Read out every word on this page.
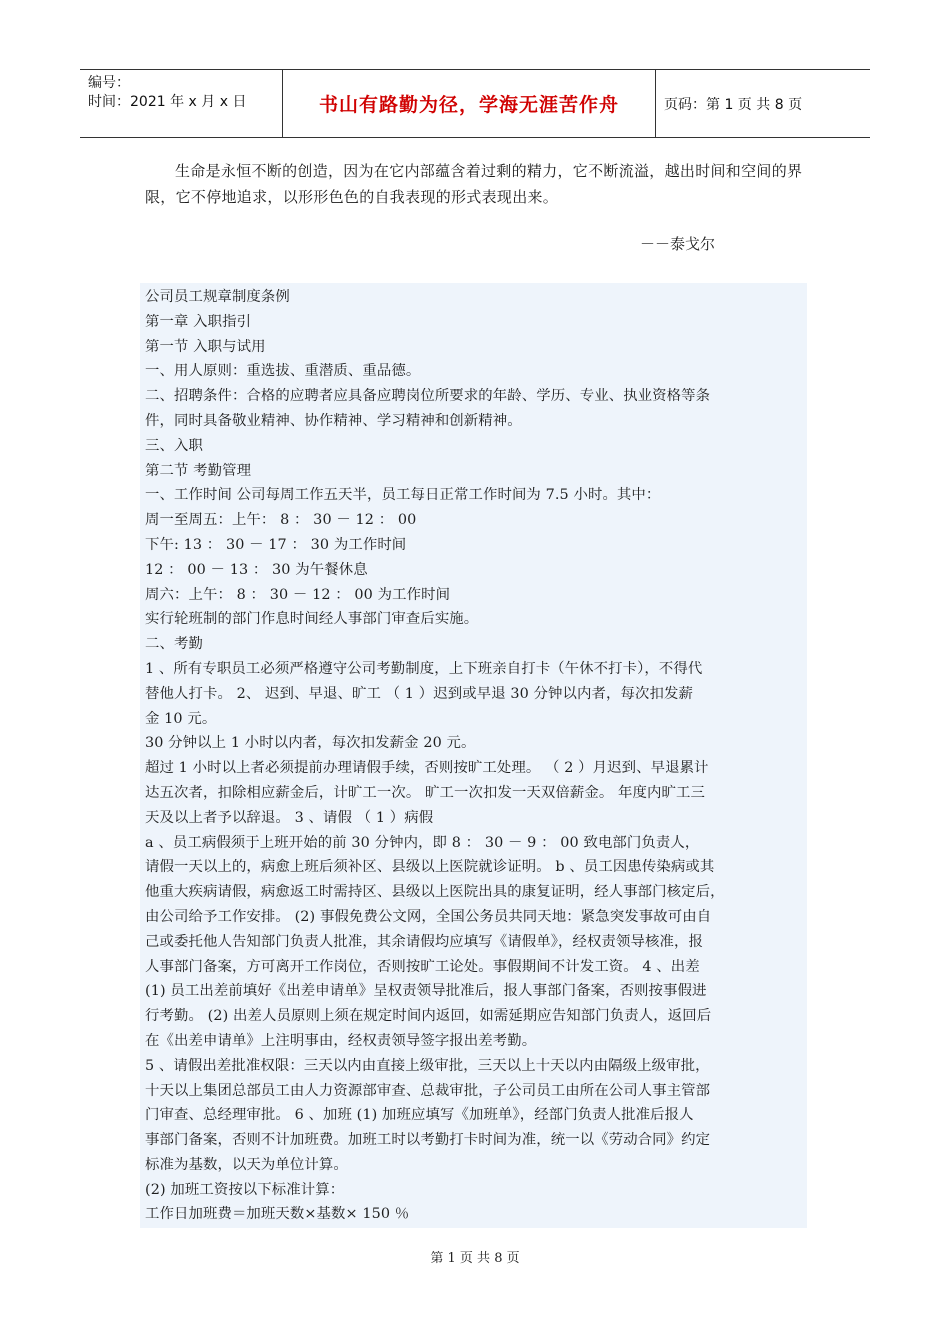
编号：
时间：2021 年 x 月 x 日	书山有路勤为径，学海无涯苦作舟	页码：第 1 页 共 8 页
生命是永恒不断的创造，因为在它内部蕴含着过剩的精力，它不断流溢，越出时间和空间的界限，它不停地追求，以形形色色的自我表现的形式表现出来。
－－泰戈尔
公司员工规章制度条例
第一章 入职指引
第一节 入职与试用
一、用人原则：重选拔、重潜质、重品德。
二、招聘条件：合格的应聘者应具备应聘岗位所要求的年龄、学历、专业、执业资格等条
件，同时具备敬业精神、协作精神、学习精神和创新精神。
三、入职
第二节 考勤管理
一、工作时间 公司每周工作五天半，员工每日正常工作时间为 7.5 小时。其中：
周一至周五：上午： 8 ： 30 － 12 ： 00
下午: 13 ： 30 － 17 ： 30 为工作时间
12 ： 00 － 13 ： 30 为午餐休息
周六：上午： 8 ： 30 － 12 ： 00 为工作时间
实行轮班制的部门作息时间经人事部门审查后实施。
二、考勤
1 、所有专职员工必须严格遵守公司考勤制度，上下班亲自打卡（午休不打卡），不得代
替他人打卡。 2、 迟到、早退、旷工 （ 1 ）迟到或早退 30 分钟以内者，每次扣发薪
金 10 元。
30 分钟以上 1 小时以内者，每次扣发薪金 20 元。
超过 1 小时以上者必须提前办理请假手续，否则按旷工处理。 （ 2 ）月迟到、早退累计
达五次者，扣除相应薪金后，计旷工一次。 旷工一次扣发一天双倍薪金。 年度内旷工三
天及以上者予以辞退。 3 、请假 （ 1 ）病假
a 、员工病假须于上班开始的前 30 分钟内，即 8 ： 30 － 9 ： 00 致电部门负责人，
请假一天以上的，病愈上班后须补区、县级以上医院就诊证明。 b 、员工因患传染病或其
他重大疾病请假，病愈返工时需持区、县级以上医院出具的康复证明，经人事部门核定后，
由公司给予工作安排。 (2) 事假免费公文网，全国公务员共同天地：紧急突发事故可由自
己或委托他人告知部门负责人批准，其余请假均应填写《请假单》，经权责领导核准，报
人事部门备案，方可离开工作岗位，否则按旷工论处。事假期间不计发工资。 4 、出差
(1) 员工出差前填好《出差申请单》呈权责领导批准后，报人事部门备案，否则按事假进
行考勤。 (2) 出差人员原则上须在规定时间内返回，如需延期应告知部门负责人，返回后
在《出差申请单》上注明事由，经权责领导签字报出差考勤。
5 、请假出差批准权限：三天以内由直接上级审批，三天以上十天以内由隔级上级审批，
十天以上集团总部员工由人力资源部审查、总裁审批，子公司员工由所在公司人事主管部
门审查、总经理审批。 6 、加班 (1) 加班应填写《加班单》，经部门负责人批准后报人
事部门备案，否则不计加班费。加班工时以考勤打卡时间为准，统一以《劳动合同》约定
标准为基数，以天为单位计算。
(2) 加班工资按以下标准计算：
工作日加班费＝加班天数×基数× 150 ％
第 1 页 共 8 页
